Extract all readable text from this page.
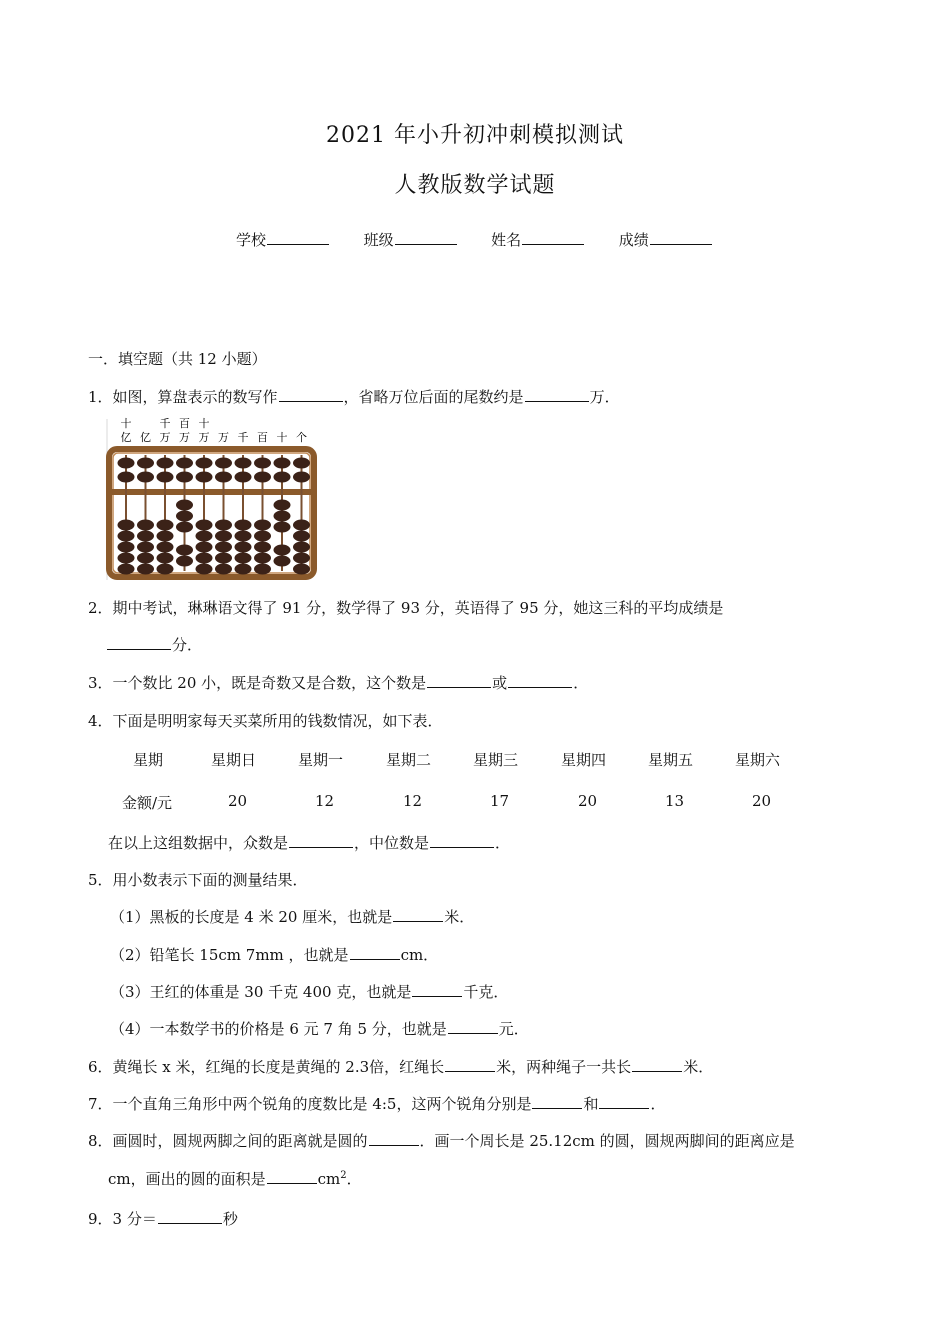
2021 年小升初冲刺模拟测试
人教版数学试题
学校	班级	姓名	成绩
一．填空题（共 12 小题）
1．如图，算盘表示的数写作	，省略万位后面的尾数约是	万．
十
亿 亿
千
万
百
万
十
万 万 千 百 十 个
2．期中考试，琳琳语文得了 91 分，数学得了 93 分，英语得了 95 分，她这三科的平均成绩是
分．
3．一个数比 20 小，既是奇数又是合数，这个数是	或	．
4．下面是明明家每天买菜所用的钱数情况，如下表．
星期	星期日	星期一	星期二	星期三	星期四	星期五	星期六
金额/元	20	12	12	17	20	13	20
在以上这组数据中，众数是	，中位数是	．
5．用小数表示下面的测量结果．
（1）黑板的长度是 4 米 20 厘米，也就是	米．
（2）铅笔长 15cm 7mm ，也就是	cm．
（3）王红的体重是 30 千克 400 克，也就是	千克．
（4）一本数学书的价格是 6 元 7 角 5 分，也就是	元．
6．黄绳长 x 米，红绳的长度是黄绳的 2.3倍，红绳长	米，两种绳子一共长	米．
7．一个直角三角形中两个锐角的度数比是 4:5，这两个锐角分别是	和	．
8．画圆时，圆规两脚之间的距离就是圆的	．画一个周长是 25.12cm 的圆，圆规两脚间的距离应是
cm，画出的圆的面积是	$cm^2$．
9．3 分＝	秒
